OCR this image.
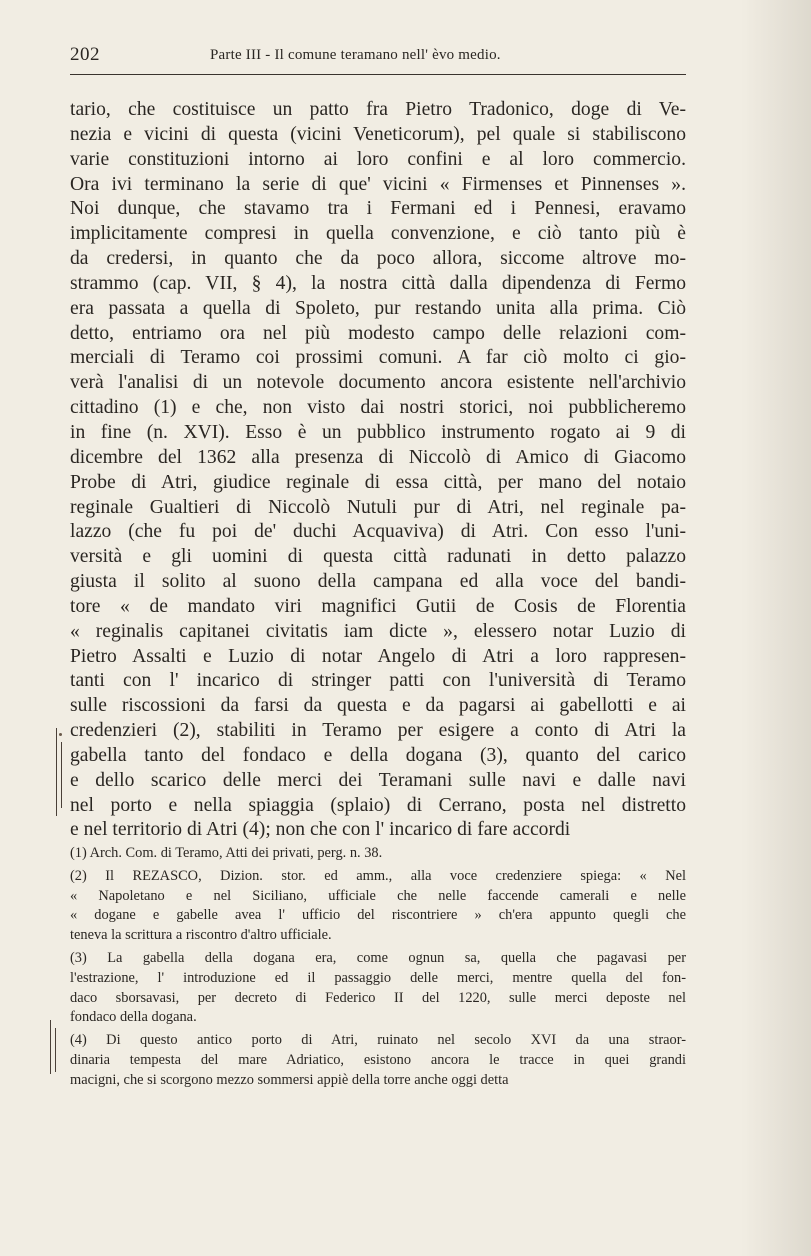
202	Parte III - Il comune teramano nell' èvo medio.
tario, che costituisce un patto fra Pietro Tradonico, doge di Ve-
nezia e vicini di questa (vicini Veneticorum), pel quale si stabiliscono
varie constituzioni intorno ai loro confini e al loro commercio.
Ora ivi terminano la serie di que' vicini « Firmenses et Pinnenses ».
Noi dunque, che stavamo tra i Fermani ed i Pennesi, eravamo
implicitamente compresi in quella convenzione, e ciò tanto più è
da credersi, in quanto che da poco allora, siccome altrove mo-
strammo (cap. VII, § 4), la nostra città dalla dipendenza di Fermo
era passata a quella di Spoleto, pur restando unita alla prima. Ciò
detto, entriamo ora nel più modesto campo delle relazioni com-
merciali di Teramo coi prossimi comuni. A far ciò molto ci gio-
verà l'analisi di un notevole documento ancora esistente nell'archivio
cittadino (1) e che, non visto dai nostri storici, noi pubblicheremo
in fine (n. XVI). Esso è un pubblico instrumento rogato ai 9 di
dicembre del 1362 alla presenza di Niccolò di Amico di Giacomo
Probe di Atri, giudice reginale di essa città, per mano del notaio
reginale Gualtieri di Niccolò Nutuli pur di Atri, nel reginale pa-
lazzo (che fu poi de' duchi Acquaviva) di Atri. Con esso l'uni-
versità e gli uomini di questa città radunati in detto palazzo
giusta il solito al suono della campana ed alla voce del bandi-
tore « de mandato viri magnifici Gutii de Cosis de Florentia
« reginalis capitanei civitatis iam dicte », elessero notar Luzio di
Pietro Assalti e Luzio di notar Angelo di Atri a loro rappresen-
tanti con l' incarico di stringer patti con l'università di Teramo
sulle riscossioni da farsi da questa e da pagarsi ai gabellotti e ai
credenzieri (2), stabiliti in Teramo per esigere a conto di Atri la
gabella tanto del fondaco e della dogana (3), quanto del carico
e dello scarico delle merci dei Teramani sulle navi e dalle navi
nel porto e nella spiaggia (splaio) di Cerrano, posta nel distretto
e nel territorio di Atri (4); non che con l' incarico di fare accordi
(1) Arch. Com. di Teramo, Atti dei privati, perg. n. 38.
(2) Il REZASCO, Dizion. stor. ed amm., alla voce credenziere spiega: « Nel
« Napoletano e nel Siciliano, ufficiale che nelle faccende camerali e nelle
« dogane e gabelle avea l' ufficio del riscontriere » ch'era appunto quegli che
teneva la scrittura a riscontro d'altro ufficiale.
(3) La gabella della dogana era, come ognun sa, quella che pagavasi per
l'estrazione, l' introduzione ed il passaggio delle merci, mentre quella del fon-
daco sborsavasi, per decreto di Federico II del 1220, sulle merci deposte nel
fondaco della dogana.
(4) Di questo antico porto di Atri, ruinato nel secolo XVI da una straor-
dinaria tempesta del mare Adriatico, esistono ancora le tracce in quei grandi
macigni, che si scorgono mezzo sommersi appiè della torre anche oggi detta
